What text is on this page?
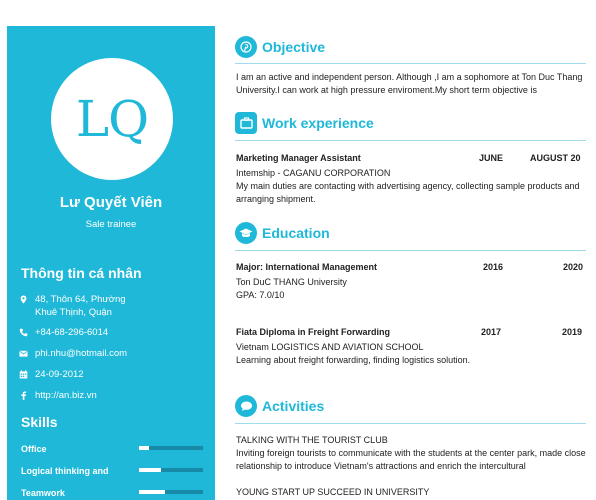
LQ
Lư Quyết Viên
Sale trainee
Thông tin cá nhân
48, Thôn 64, Phường
Khuê Thịnh, Quận
+84-68-296-6014
phi.nhu@hotmail.com
24-09-2012
http://an.biz.vn
Skills
Office
Logical thinking and
Teamwork
Objective
I am an active and independent person. Although ,I am a sophomore at Ton Duc Thang University.I can work at high pressure enviroment.My short term objective is
Work experience
Marketing Manager Assistant	JUNE	AUGUST 20
Intemship - CAGANU CORPORATION
My main duties are contacting with advertising agency, collecting sample products and arranging shipment.
Education
Major: International Management	2016	2020
Ton DuC THANG University
GPA: 7.0/10
Fiata Diploma in Freight Forwarding	2017	2019
Vietnam LOGISTICS AND AVIATION SCHOOL
Learning about freight forwarding, finding logistics solution.
Activities
TALKING WITH THE TOURIST CLUB
Inviting foreign tourists to communicate with the students at the center park, made close relationship to introduce Vietnam's attractions and enrich the intercultural
YOUNG START UP SUCCEED IN UNIVERSITY
